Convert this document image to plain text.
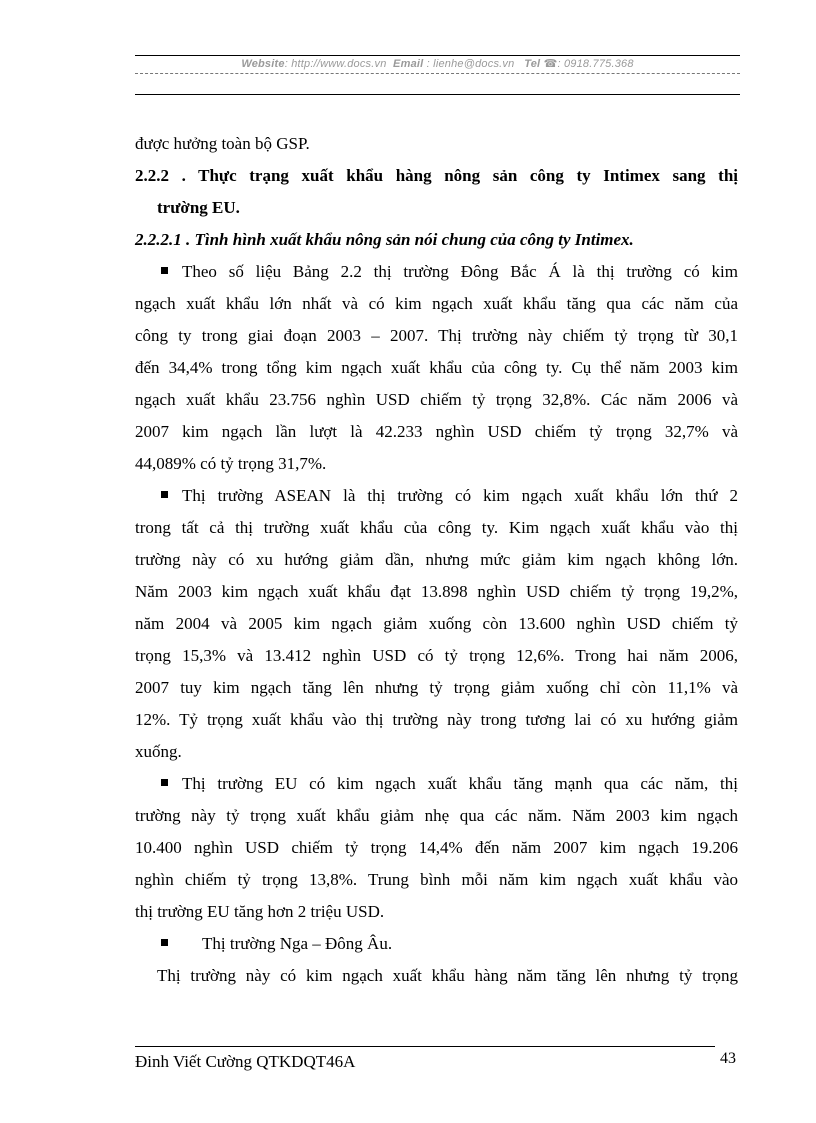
Website: http://www.docs.vn Email : lienhe@docs.vn Tel ☎: 0918.775.368
được hưởng toàn bộ GSP.
2.2.2 . Thực trạng xuất khẩu hàng nông sản công ty Intimex sang thị
trường EU.
2.2.2.1 . Tình hình xuất khẩu nông sản nói chung của công ty Intimex.
Theo số liệu Bảng 2.2 thị trường Đông Bắc Á là thị trường có kim
ngạch xuất khẩu lớn nhất và có kim ngạch xuất khẩu tăng qua các năm của
công ty trong giai đoạn 2003 – 2007. Thị trường này chiếm tỷ trọng từ 30,1
đến 34,4% trong tổng kim ngạch xuất khẩu của công ty. Cụ thể năm 2003 kim
ngạch xuất khẩu 23.756 nghìn USD chiếm tỷ trọng 32,8%. Các năm 2006 và
2007 kim ngạch lần lượt là 42.233 nghìn USD chiếm tỷ trọng 32,7% và
44,089% có tỷ trọng 31,7%.
Thị trường ASEAN là thị trường có kim ngạch xuất khẩu lớn thứ 2
trong tất cả thị trường xuất khẩu của công ty. Kim ngạch xuất khẩu vào thị
trường này có xu hướng giảm dần, nhưng mức giảm kim ngạch không lớn.
Năm 2003 kim ngạch xuất khẩu đạt 13.898 nghìn USD chiếm tỷ trọng 19,2%,
năm 2004 và 2005 kim ngạch giảm xuống còn 13.600 nghìn USD chiếm tỷ
trọng 15,3% và 13.412 nghìn USD có tỷ trọng 12,6%. Trong hai năm 2006,
2007 tuy kim ngạch tăng lên nhưng tỷ trọng giảm xuống chỉ còn 11,1% và
12%. Tỷ trọng xuất khẩu vào thị trường này trong tương lai có xu hướng giảm
xuống.
Thị trường EU có kim ngạch xuất khẩu tăng mạnh qua các năm, thị
trường này tỷ trọng xuất khẩu giảm nhẹ qua các năm. Năm 2003 kim ngạch
10.400 nghìn USD chiếm tỷ trọng 14,4% đến năm 2007 kim ngạch 19.206
nghìn chiếm tỷ trọng 13,8%. Trung bình mỗi năm kim ngạch xuất khẩu vào
thị trường EU tăng hơn 2 triệu USD.
Thị trường Nga – Đông Âu.
Thị trường này có kim ngạch xuất khẩu hàng năm tăng lên nhưng tỷ trọng
Đinh Viết Cường QTKDQT46A	43
